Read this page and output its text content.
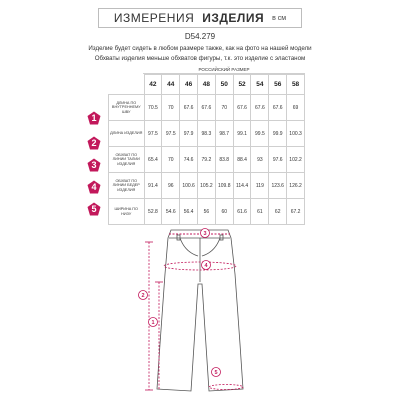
ИЗМЕРЕНИЯ ИЗДЕЛИЯ в см
D54.279
Изделие будет сидеть в любом размере также, как на фото на нашей модели
Обхваты изделия меньше обхватов фигуры, т.к. это изделие с эластаном
РОССИЙСКИЙ РАЗМЕР
	42	44	46	48	50	52	54	56	58
ДЛИНА ПО ВНУТРЕННЕМУ ШВУ	70.5	70	67.6	67.6	70	67.6	67.6	67.6	69
ДЛИНА ИЗДЕЛИЯ	97.5	97.5	97.9	98.3	98.7	99.1	99.5	99.9	100.3
ОБХВАТ ПО ЛИНИИ ТАЛИИ ИЗДЕЛИЯ	65.4	70	74.6	79.2	83.8	88.4	93	97.6	102.2
ОБХВАТ ПО ЛИНИИ БЕДЕР ИЗДЕЛИЯ	91.4	96	100.6	105.2	109.8	114.4	119	123.6	126.2
ШИРИНА ПО НИЗУ	52.8	54.6	56.4	56	60	61.6	61	62	67.2
1
2
3
4
5
3
4
2
1
5
